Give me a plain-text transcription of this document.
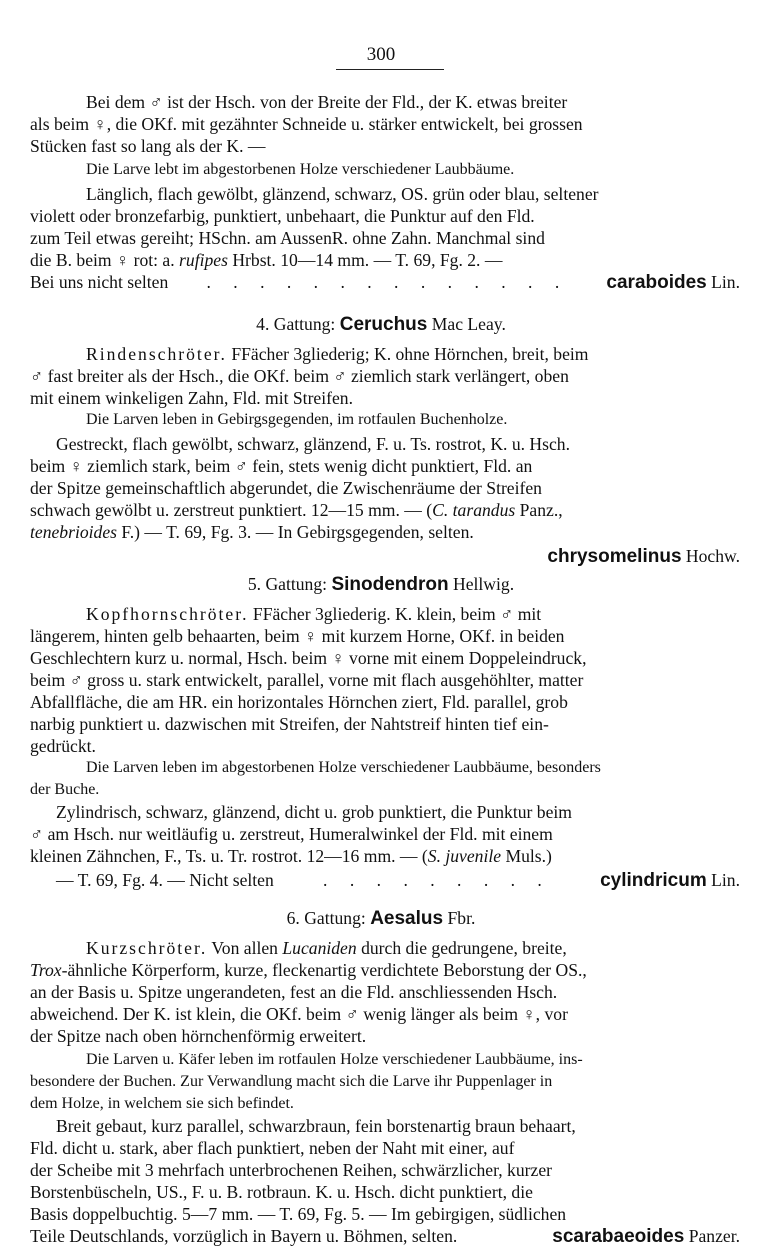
300
Bei dem ♂ ist der Hsch. von der Breite der Fld., der K. etwas breiter
als beim ♀, die OKf. mit gezähnter Schneide u. stärker entwickelt, bei grossen
Stücken fast so lang als der K. —
Die Larve lebt im abgestorbenen Holze verschiedener Laubbäume.
Länglich, flach gewölbt, glänzend, schwarz, OS. grün oder blau, seltener
violett oder bronzefarbig, punktiert, unbehaart, die Punktur auf den Fld.
zum Teil etwas gereiht; HSchn. am AussenR. ohne Zahn. Manchmal sind
die B. beim ♀ rot: a. rufipes Hrbst. 10—14 mm. — T. 69, Fg. 2. —
Bei uns nicht selten	. . . . . . . . . . . . . .	caraboides Lin.
4. Gattung: Ceruchus Mac Leay.
Rindenschröter. FFächer 3gliederig; K. ohne Hörnchen, breit, beim
♂ fast breiter als der Hsch., die OKf. beim ♂ ziemlich stark verlängert, oben
mit einem winkeligen Zahn, Fld. mit Streifen.
Die Larven leben in Gebirgsgegenden, im rotfaulen Buchenholze.
Gestreckt, flach gewölbt, schwarz, glänzend, F. u. Ts. rostrot, K. u. Hsch.
beim ♀ ziemlich stark, beim ♂ fein, stets wenig dicht punktiert, Fld. an
der Spitze gemeinschaftlich abgerundet, die Zwischenräume der Streifen
schwach gewölbt u. zerstreut punktiert. 12—15 mm. — (C. tarandus Panz.,
tenebrioides F.) — T. 69, Fg. 3. — In Gebirgsgegenden, selten.
chrysomelinus Hochw.
5. Gattung: Sinodendron Hellwig.
Kopfhornschröter. FFächer 3gliederig. K. klein, beim ♂ mit
längerem, hinten gelb behaarten, beim ♀ mit kurzem Horne, OKf. in beiden
Geschlechtern kurz u. normal, Hsch. beim ♀ vorne mit einem Doppeleindruck,
beim ♂ gross u. stark entwickelt, parallel, vorne mit flach ausgehöhlter, matter
Abfallfläche, die am HR. ein horizontales Hörnchen ziert, Fld. parallel, grob
narbig punktiert u. dazwischen mit Streifen, der Nahtstreif hinten tief ein-
gedrückt.
Die Larven leben im abgestorbenen Holze verschiedener Laubbäume, besonders
der Buche.
Zylindrisch, schwarz, glänzend, dicht u. grob punktiert, die Punktur beim
♂ am Hsch. nur weitläufig u. zerstreut, Humeralwinkel der Fld. mit einem
kleinen Zähnchen, F., Ts. u. Tr. rostrot. 12—16 mm. — (S. juvenile Muls.)
— T. 69, Fg. 4. — Nicht selten	. . . . . . . . .	cylindricum Lin.
6. Gattung: Aesalus Fbr.
Kurzschröter. Von allen Lucaniden durch die gedrungene, breite,
Trox-ähnliche Körperform, kurze, fleckenartig verdichtete Beborstung der OS.,
an der Basis u. Spitze ungerandeten, fest an die Fld. anschliessenden Hsch.
abweichend. Der K. ist klein, die OKf. beim ♂ wenig länger als beim ♀, vor
der Spitze nach oben hörnchenförmig erweitert.
Die Larven u. Käfer leben im rotfaulen Holze verschiedener Laubbäume, ins-
besondere der Buchen. Zur Verwandlung macht sich die Larve ihr Puppenlager in
dem Holze, in welchem sie sich befindet.
Breit gebaut, kurz parallel, schwarzbraun, fein borstenartig braun behaart,
Fld. dicht u. stark, aber flach punktiert, neben der Naht mit einer, auf
der Scheibe mit 3 mehrfach unterbrochenen Reihen, schwärzlicher, kurzer
Borstenbüscheln, US., F. u. B. rotbraun. K. u. Hsch. dicht punktiert, die
Basis doppelbuchtig. 5—7 mm. — T. 69, Fg. 5. — Im gebirgigen, südlichen
Teile Deutschlands, vorzüglich in Bayern u. Böhmen, selten.	scarabaeoides Panzer.
